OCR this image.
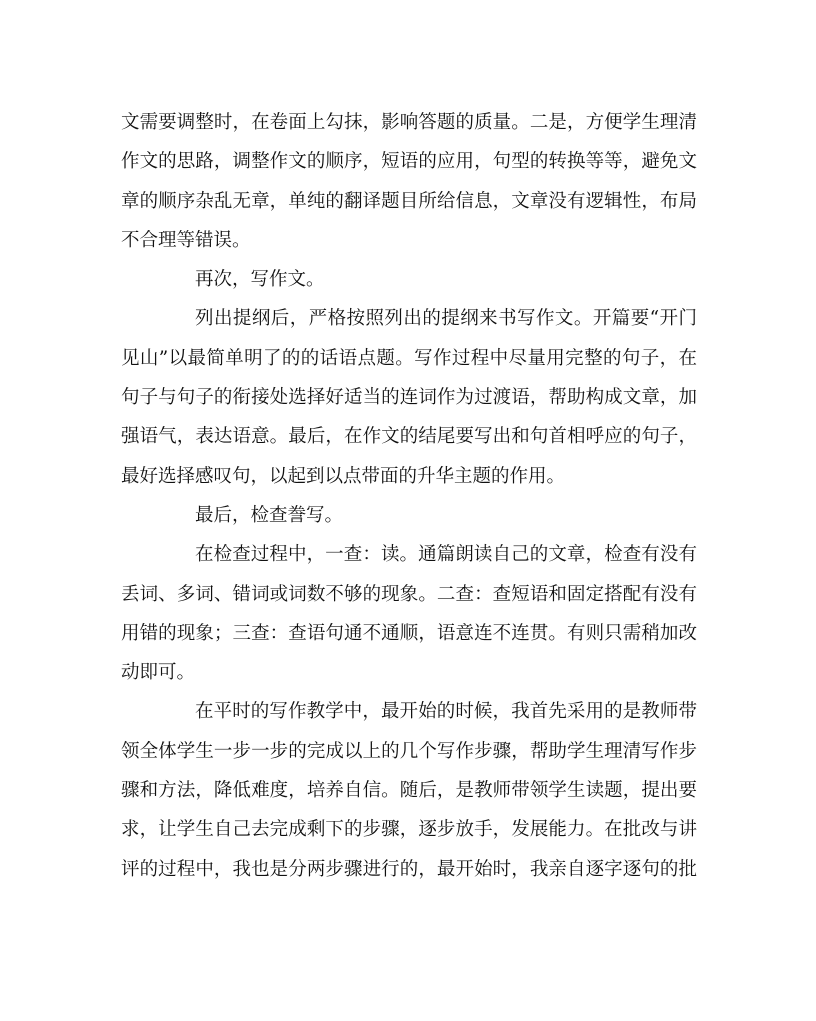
文需要调整时，在卷面上勾抹，影响答题的质量。二是，方便学生理清
作文的思路，调整作文的顺序，短语的应用，句型的转换等等，避免文
章的顺序杂乱无章，单纯的翻译题目所给信息，文章没有逻辑性，布局
不合理等错误。
再次，写作文。
列出提纲后，严格按照列出的提纲来书写作文。开篇要“开门
见山”以最简单明了的的话语点题。写作过程中尽量用完整的句子，在
句子与句子的衔接处选择好适当的连词作为过渡语，帮助构成文章，加
强语气，表达语意。最后，在作文的结尾要写出和句首相呼应的句子，
最好选择感叹句，以起到以点带面的升华主题的作用。
最后，检查誊写。
在检查过程中，一查：读。通篇朗读自己的文章，检查有没有
丢词、多词、错词或词数不够的现象。二查：查短语和固定搭配有没有
用错的现象；三查：查语句通不通顺，语意连不连贯。有则只需稍加改
动即可。
在平时的写作教学中，最开始的时候，我首先采用的是教师带
领全体学生一步一步的完成以上的几个写作步骤，帮助学生理清写作步
骤和方法，降低难度，培养自信。随后，是教师带领学生读题，提出要
求，让学生自己去完成剩下的步骤，逐步放手，发展能力。在批改与讲
评的过程中，我也是分两步骤进行的，最开始时，我亲自逐字逐句的批
